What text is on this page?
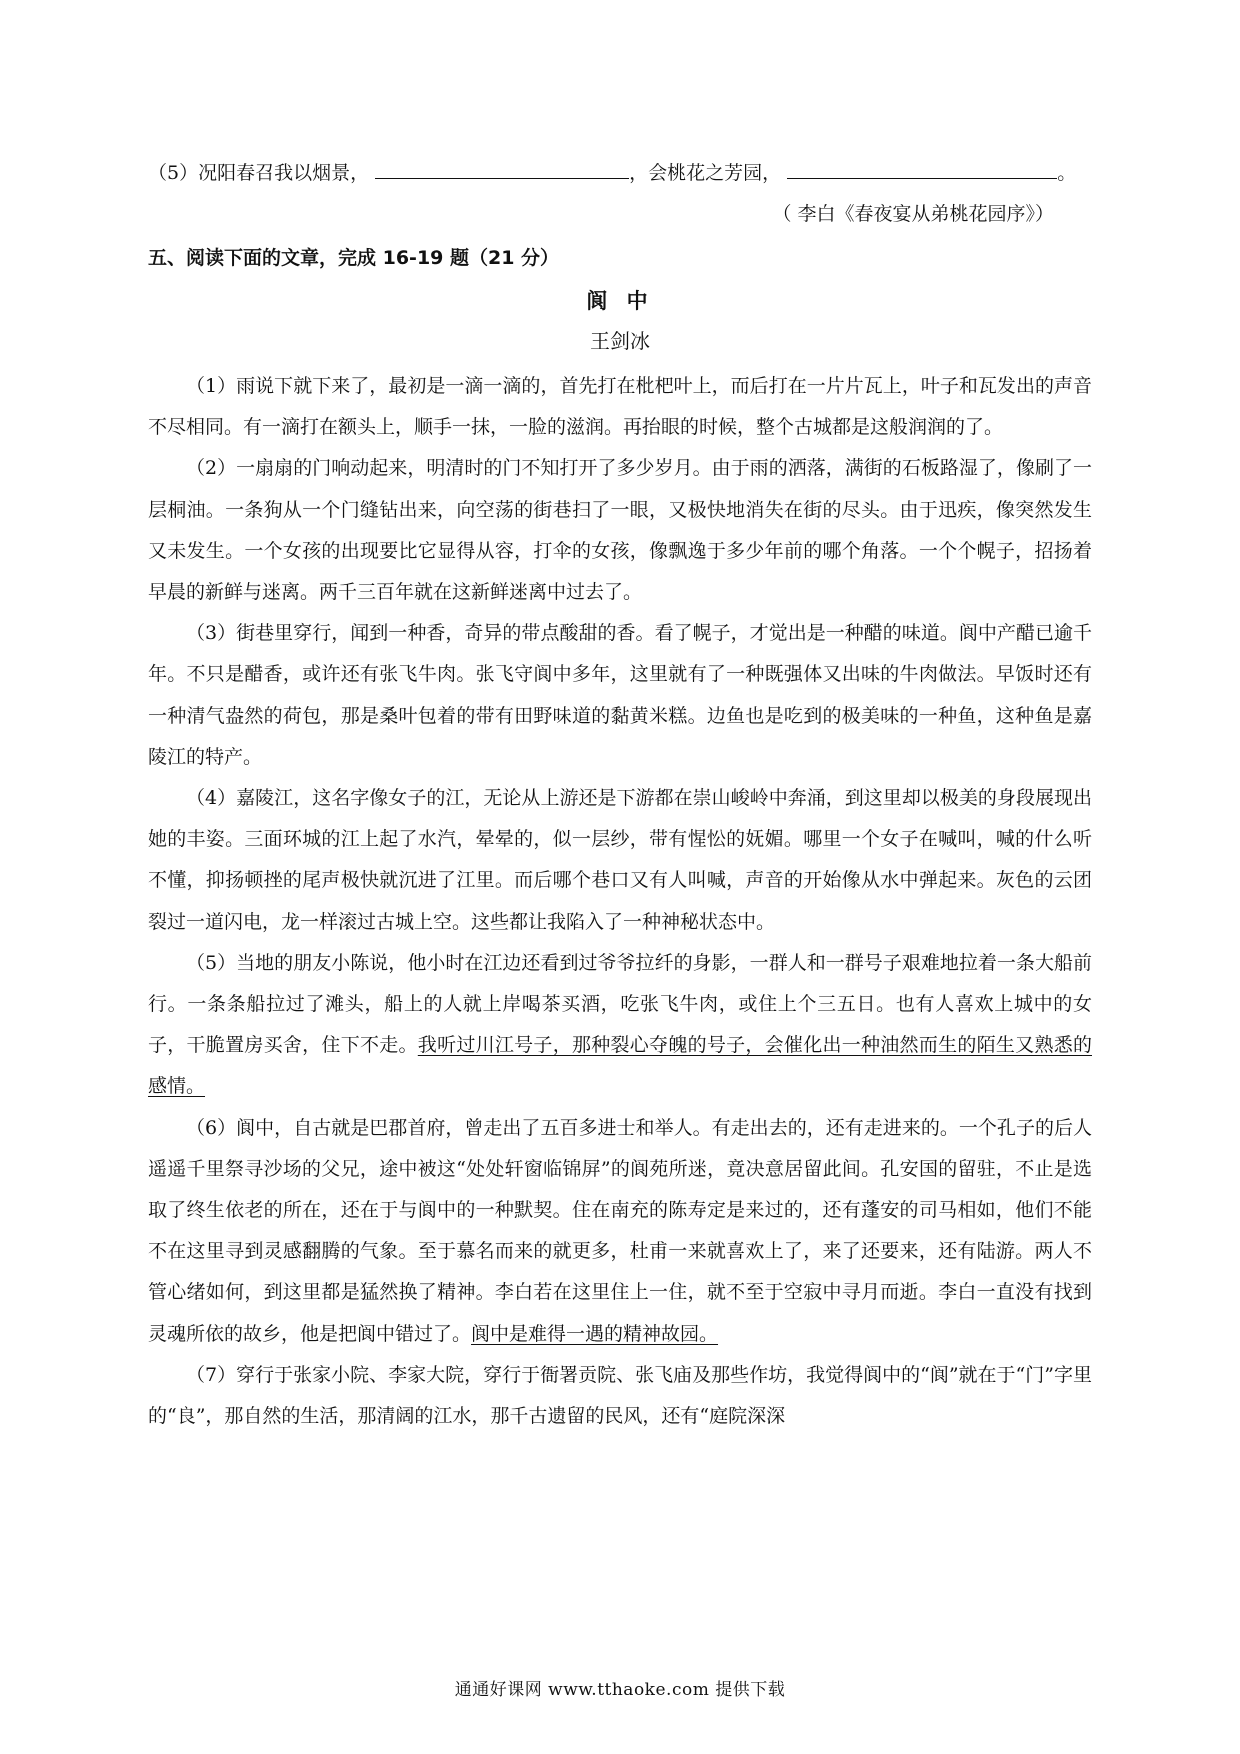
（5）况阳春召我以烟景，	，会桃花之芳园，	。
（ 李白《春夜宴从弟桃花园序》）
五、阅读下面的文章，完成 16-19 题（21 分）
阆 中
王剑冰

（1）雨说下就下来了，最初是一滴一滴的，首先打在枇杷叶上，而后打在一片片瓦上，叶子和瓦发出的声音不尽相同。有一滴打在额头上，顺手一抹，一脸的滋润。再抬眼的时候，整个古城都是这般润润的了。

（2）一扇扇的门响动起来，明清时的门不知打开了多少岁月。由于雨的洒落，满街的石板路湿了，像刷了一层桐油。一条狗从一个门缝钻出来，向空荡的街巷扫了一眼，又极快地消失在街的尽头。由于迅疾，像突然发生又未发生。一个女孩的出现要比它显得从容，打伞的女孩，像飘逸于多少年前的哪个角落。一个个幌子，招扬着早晨的新鲜与迷离。两千三百年就在这新鲜迷离中过去了。

（3）街巷里穿行，闻到一种香，奇异的带点酸甜的香。看了幌子，才觉出是一种醋的味道。阆中产醋已逾千年。不只是醋香，或许还有张飞牛肉。张飞守阆中多年，这里就有了一种既强体又出味的牛肉做法。早饭时还有一种清气盎然的荷包，那是桑叶包着的带有田野味道的黏黄米糕。边鱼也是吃到的极美味的一种鱼，这种鱼是嘉陵江的特产。

（4）嘉陵江，这名字像女子的江，无论从上游还是下游都在崇山峻岭中奔涌，到这里却以极美的身段展现出她的丰姿。三面环城的江上起了水汽，晕晕的，似一层纱，带有惺忪的妩媚。哪里一个女子在喊叫，喊的什么听不懂，抑扬顿挫的尾声极快就沉进了江里。而后哪个巷口又有人叫喊，声音的开始像从水中弹起来。灰色的云团裂过一道闪电，龙一样滚过古城上空。这些都让我陷入了一种神秘状态中。

（5）当地的朋友小陈说，他小时在江边还看到过爷爷拉纤的身影，一群人和一群号子艰难地拉着一条大船前行。一条条船拉过了滩头，船上的人就上岸喝茶买酒，吃张飞牛肉，或住上个三五日。也有人喜欢上城中的女子，干脆置房买舍，住下不走。我听过川江号子，那种裂心夺魄的号子，会催化出一种油然而生的陌生又熟悉的感情。

（6）阆中，自古就是巴郡首府，曾走出了五百多进士和举人。有走出去的，还有走进来的。一个孔子的后人遥遥千里祭寻沙场的父兄，途中被这“处处轩窗临锦屏”的阆苑所迷，竟决意居留此间。孔安国的留驻，不止是选取了终生依老的所在，还在于与阆中的一种默契。住在南充的陈寿定是来过的，还有蓬安的司马相如，他们不能不在这里寻到灵感翻腾的气象。至于慕名而来的就更多，杜甫一来就喜欢上了，来了还要来，还有陆游。两人不管心绪如何，到这里都是猛然换了精神。李白若在这里住上一住，就不至于空寂中寻月而逝。李白一直没有找到灵魂所依的故乡，他是把阆中错过了。阆中是难得一遇的精神故园。

（7）穿行于张家小院、李家大院，穿行于衙署贡院、张飞庙及那些作坊，我觉得阆中的“阆”就在于“门”字里的“良”，那自然的生活，那清阔的江水，那千古遗留的民风，还有“庭院深深

通通好课网 www.tthaoke.com 提供下载
